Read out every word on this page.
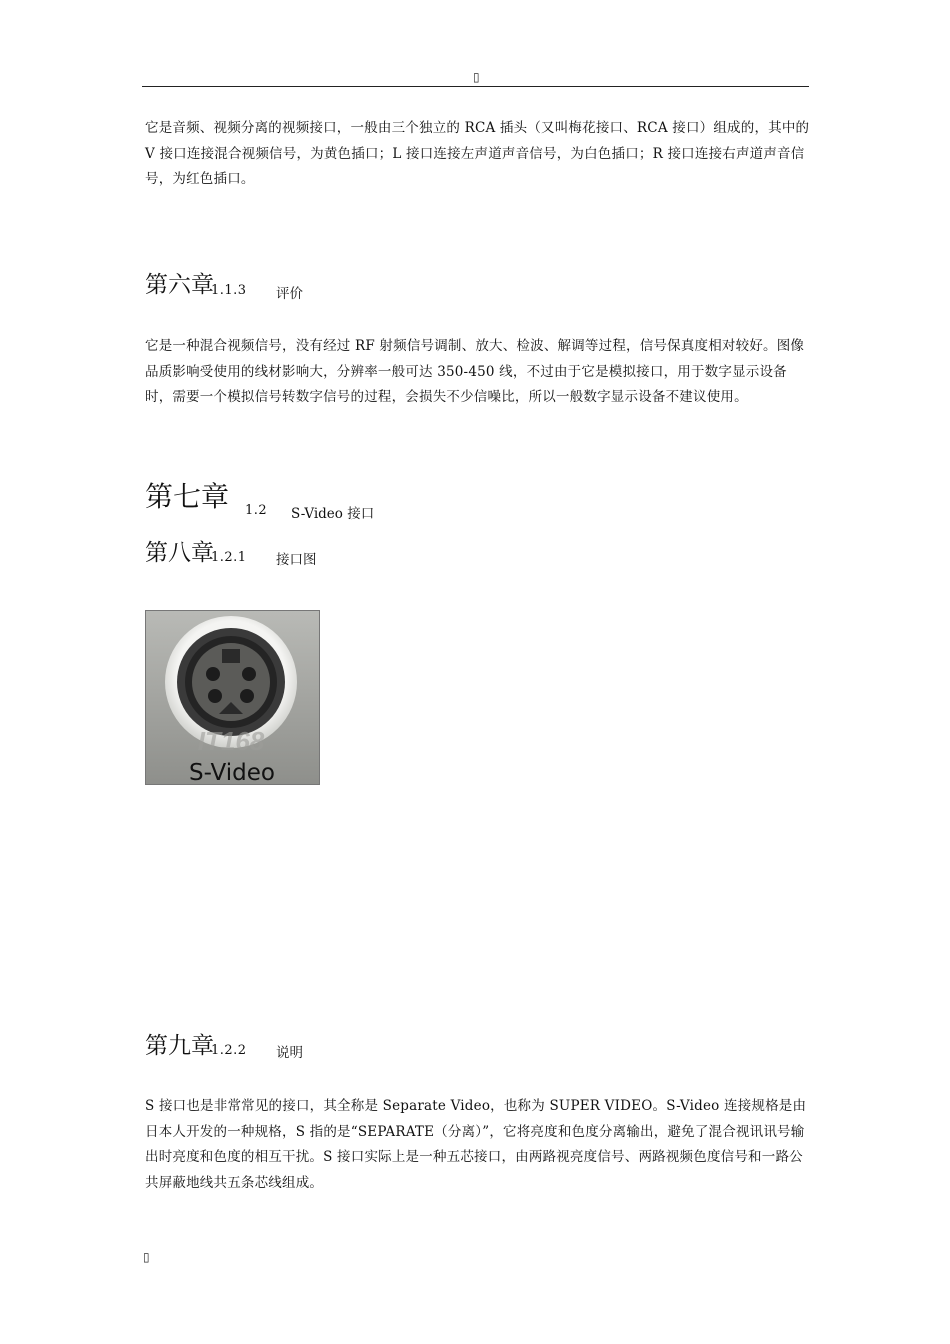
▯
它是音频、视频分离的视频接口，一般由三个独立的 RCA 插头（又叫梅花接口、RCA 接口）组成的，其中的 V 接口连接混合视频信号，为黄色插口；L 接口连接左声道声音信号，为白色插口；R 接口连接右声道声音信号，为红色插口。
第六章
1.1.3 评价
它是一种混合视频信号，没有经过 RF 射频信号调制、放大、检波、解调等过程，信号保真度相对较好。图像品质影响受使用的线材影响大，分辨率一般可达 350-450 线，不过由于它是模拟接口，用于数字显示设备时，需要一个模拟信号转数字信号的过程，会损失不少信噪比，所以一般数字显示设备不建议使用。
第七章 1.2 S-Video 接口
第八章
1.2.1 接口图
IT168
S-Video
第九章
1.2.2 说明
S 接口也是非常常见的接口，其全称是 Separate Video，也称为 SUPER VIDEO。S-Video 连接规格是由日本人开发的一种规格，S 指的是“SEPARATE（分离）”，它将亮度和色度分离输出，避免了混合视讯讯号输出时亮度和色度的相互干扰。S 接口实际上是一种五芯接口，由两路视亮度信号、两路视频色度信号和一路公共屏蔽地线共五条芯线组成。
▯
